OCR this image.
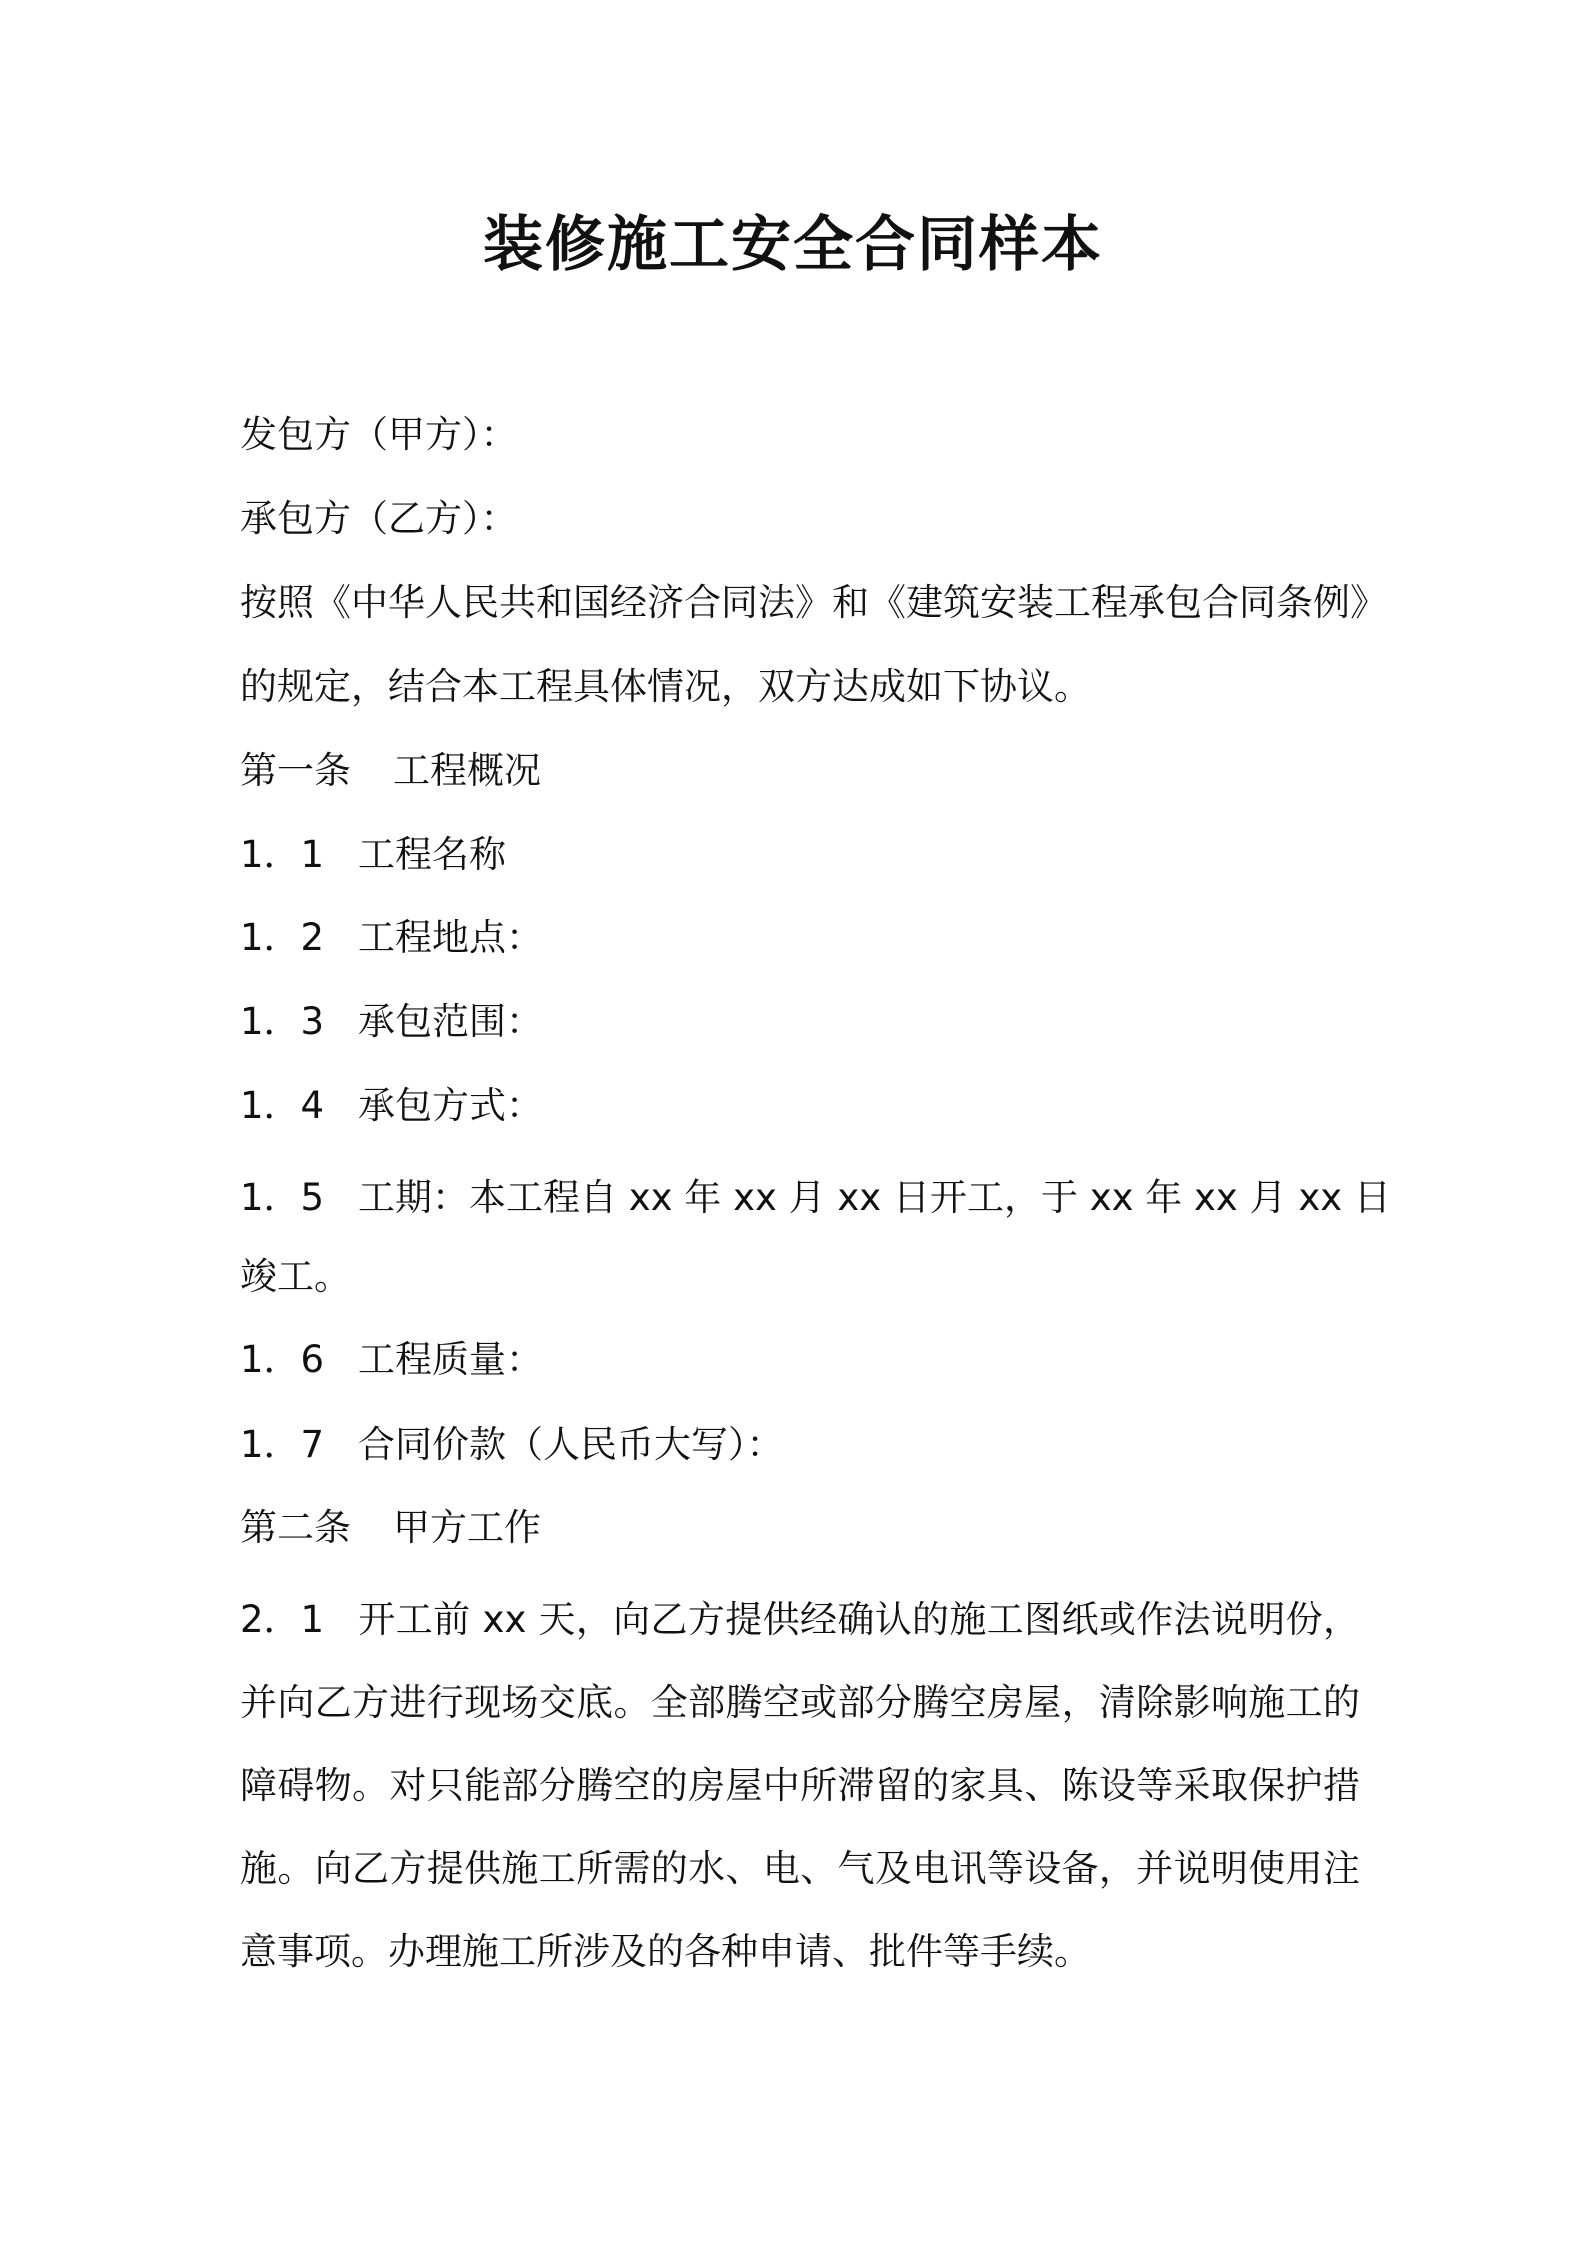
装修施工安全合同样本
发包方（甲方）：
承包方（乙方）：
按照《中华人民共和国经济合同法》和《建筑安装工程承包合同条例》
的规定，结合本工程具体情况，双方达成如下协议。
第一条	工程概况
1．1 工程名称
1．2 工程地点：
1．3 承包范围：
1．4 承包方式：
1．5 工期：本工程自 xx 年 xx 月 xx 日开工，于 xx 年 xx 月 xx 日
竣工。
1．6 工程质量：
1．7 合同价款（人民币大写）：
第二条	甲方工作
2．1 开工前 xx 天，向乙方提供经确认的施工图纸或作法说明份，并向乙方进行现场交底。全部腾空或部分腾空房屋，清除影响施工的障碍物。对只能部分腾空的房屋中所滞留的家具、陈设等采取保护措施。向乙方提供施工所需的水、电、气及电讯等设备，并说明使用注意事项。办理施工所涉及的各种申请、批件等手续。
